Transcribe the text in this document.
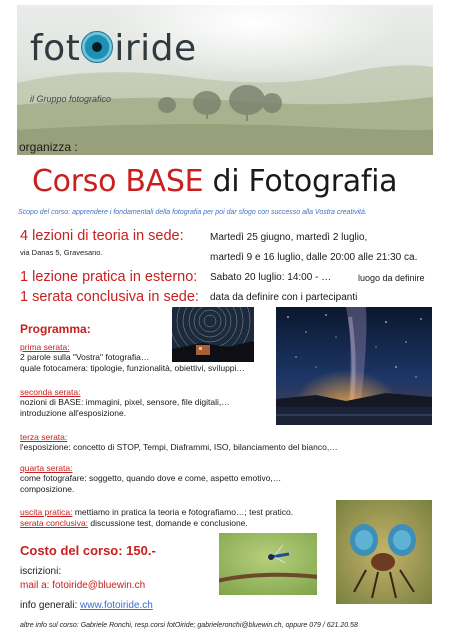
fot iride
il Gruppo fotografico
organizza :
Corso BASE di Fotografia
Scopo del corso: apprendere i fondamentali della fotografia per poi dar sfogo con successo alla Vostra creatività.
4 lezioni di teoria in sede:
via Danas 5, Gravesano.
Martedì 25 giugno, martedì 2 luglio,
martedì 9 e 16 luglio, dalle 20:00 alle 21:30 ca.
1 lezione pratica in esterno: Sabato 20 luglio: 14:00 - …	luogo da definire
1 serata conclusiva in sede: data da definire con i partecipanti
Programma:
prima serata:
2 parole sulla "Vostra" fotografia…
quale fotocamera: tipologie, funzionalità, obiettivi, sviluppi…
seconda serata:
nozioni di BASE: immagini, pixel, sensore, file digitali,…
introduzione all'esposizione.
terza serata:
l'esposizione: concetto di STOP, Tempi, Diaframmi, ISO, bilanciamento del bianco,…
quarta serata:
come fotografare: soggetto, quando dove e come, aspetto emotivo,…
composizione.
uscita pratica: mettiamo in pratica la teoria e fotografiamo…; test pratico.
serata conclusiva: discussione test, domande e conclusione.
Costo del corso: 150.-
iscrizioni:
mail a: fotoiride@bluewin.ch
info generali: www.fotoiride.ch
altre info sul corso: Gabriele Ronchi, resp.corsi fotOiride; gabrieleronchi@bluewin.ch, oppure 079 / 621.20.58
